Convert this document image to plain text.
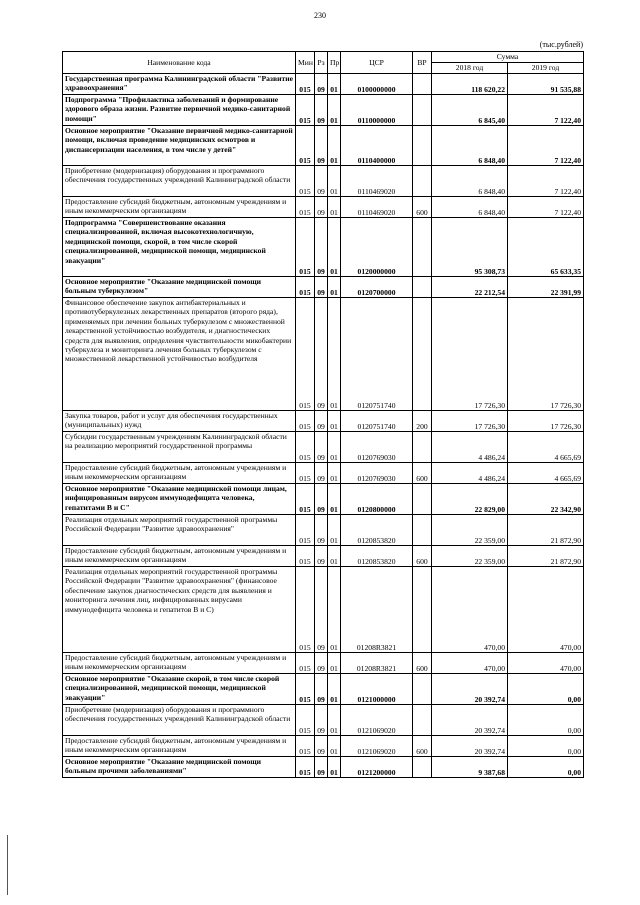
230
(тыс.рублей)
Наименование кода	Мин	Рз	Пр	ЦСР	ВР	Сумма	
						2018 год	2019 год
Государственная программа Калининградской области "Развитие здравоохранения"	015	09	01	0100000000		118 620,22	91 535,88
Подпрограмма "Профилактика заболеваний и формирование здорового образа жизни. Развитие первичной медико-санитарной помощи"	015	09	01	0110000000		6 845,40	7 122,40
Основное мероприятие "Оказание первичной медико-санитарной помощи, включая проведение медицинских осмотров и диспансеризации населения, в том числе у детей"	015	09	01	0110400000		6 848,40	7 122,40
Приобретение (модернизация) оборудования и программного обеспечения государственных учреждений Калининградской области	015	09	01	0110469020		6 848,40	7 122,40
Предоставление субсидий бюджетным, автономным учреждениям и иным некоммерческим организациям	015	09	01	0110469020	600	6 848,40	7 122,40
Подпрограмма "Совершенствование оказания специализированной, включая высокотехнологичную, медицинской помощи, скорой, в том числе скорой специализированной, медицинской помощи, медицинской эвакуации"	015	09	01	0120000000		95 308,73	65 633,35
Основное мероприятие "Оказание медицинской помощи больным туберкулезом"	015	09	01	0120700000		22 212,54	22 391,99
Финансовое обеспечение закупок антибактериальных и противотуберкулезных лекарственных препаратов (второго ряда), применяемых при лечении больных туберкулезом с множественной лекарственной устойчивостью возбудителя, и диагностических средств для выявления, определения чувствительности микобактерии туберкулеза и мониторинга лечения больных туберкулезом с множественной лекарственной устойчивостью возбудителя	015	09	01	0120751740		17 726,30	17 726,30
Закупка товаров, работ и услуг для обеспечения государственных (муниципальных) нужд	015	09	01	0120751740	200	17 726,30	17 726,30
Субсидии государственным учреждениям Калининградской области на реализацию мероприятий государственной программы	015	09	01	0120769030		4 486,24	4 665,69
Предоставление субсидий бюджетным, автономным учреждениям и иным некоммерческим организациям	015	09	01	0120769030	600	4 486,24	4 665,69
Основное мероприятие "Оказание медицинской помощи лицам, инфицированным вирусом иммунодефицита человека, гепатитами В и С"	015	09	01	0120800000		22 829,00	22 342,90
Реализация отдельных мероприятий государственной программы Российской Федерации "Развитие здравоохранения"	015	09	01	0120853820		22 359,00	21 872,90
Предоставление субсидий бюджетным, автономным учреждениям и иным некоммерческим организациям	015	09	01	0120853820	600	22 359,00	21 872,90
Реализация отдельных мероприятий государственной программы Российской Федерации "Развитие здравоохранения" (финансовое обеспечение закупок диагностических средств для выявления и мониторинга лечения лиц, инфицированных вирусами иммунодефицита человека и гепатитов В и С)	015	09	01	01208R3821		470,00	470,00
Предоставление субсидий бюджетным, автономным учреждениям и иным некоммерческим организациям	015	09	01	01208R3821	600	470,00	470,00
Основное мероприятие "Оказание скорой, в том числе скорой специализированной, медицинской помощи, медицинской эвакуации"	015	09	01	0121000000		20 392,74	0,00
Приобретение (модернизация) оборудования и программного обеспечения государственных учреждений Калининградской области	015	09	01	0121069020		20 392,74	0,00
Предоставление субсидий бюджетным, автономным учреждениям и иным некоммерческим организациям	015	09	01	0121069020	600	20 392,74	0,00
Основное мероприятие "Оказание медицинской помощи больным прочими заболеваниями"	015	09	01	0121200000		9 387,68	0,00
